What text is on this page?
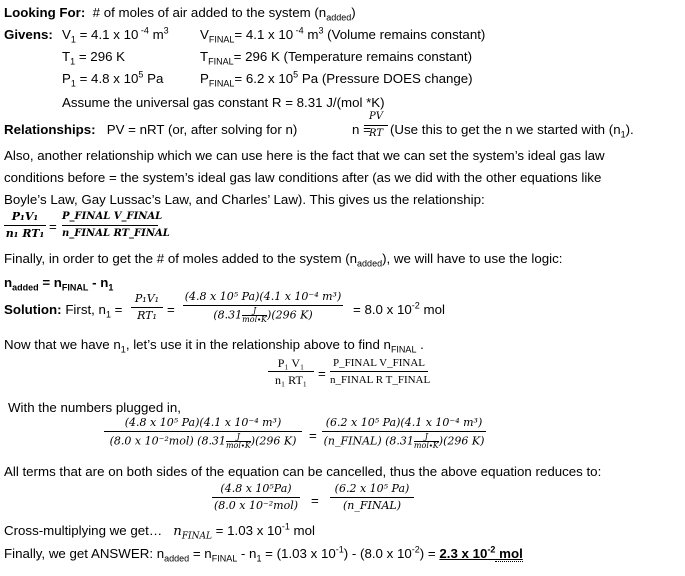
Looking For: # of moles of air added to the system $(n_{added})$
Givens: $V_1 = 4.1$ x 10 $^{-4}$ $m^3$ $V_{FINAL}= 4.1$ x 10 $^{-4}$ $m^3$ (Volume remains constant)
$T_1 = 296$ K	$T_{FINAL}= 296$ K (Temperature remains constant)
$P_1 = 4.8$ x $10^5$ Pa	$P_{FINAL}= 6.2$ x $10^5$ Pa (Pressure DOES change)
Assume the universal gas constant R = 8.31 J/(mol *K)
Relationships: PV = nRT (or, after solving for n)	n =
PV
RT (Use this to get the n we started with $(n_1)$.
Also, another relationship which we can use here is the fact that we can set the system’s ideal gas law
conditions before = the system’s ideal gas law conditions after (as we did with the other equations like
Boyle’s Law, Gay Lussac’s Law, and Charles’ Law). This gives us the relationship:
P₁V₁
n₁ RT₁ =
P_FINAL V_FINAL
n_FINAL RT_FINAL
Finally, in order to get the # of moles added to the system $(n_{added})$, we will have to use the logic:
$n_{added} = n_{FINAL} - n_1$
Solution: First, $n_1$ =
P₁V₁
RT₁ =
(4.8 x 10⁵ Pa)(4.1 x 10⁻⁴ m³)
$(8.31 \frac{J}{\text{mol∙K}} )(296$ K)	= 8.0 x $10^{-2}$ mol
Now that we have $n_1$, let’s use it in the relationship above to find $n_{FINAL}$ .
P₁ V₁
n₁ RT₁ =
P_FINAL V_FINAL
n_FINAL R T_FINAL
With the numbers plugged in,
(4.8 x 10⁵ Pa)(4.1 x 10⁻⁴ m³)
(8.0 x 10⁻²mol) $(8.31 \frac{J}{\text{mol∙K}} )(296$ K) =
(6.2 x 10⁵ Pa)(4.1 x 10⁻⁴ m³)
(n_FINAL) $(8.31 \frac{J}{\text{mol∙K}} )(296$ K)
All terms that are on both sides of the equation can be cancelled, thus the above equation reduces to:
(4.8 x 10⁵Pa)
(8.0 x 10⁻²mol) =
(6.2 x 10⁵ Pa)
(n_FINAL)
Cross-multiplying we get… $n_{FINAL} = 1.03$ x $10^{-1}$ mol
Finally, we get ANSWER: $n_{added} = n_{FINAL} - n_1 = (1.03$ x $10^{-1}) - (8.0$ x $10^{-2}) = 2.3$ x $10^{-2}$ mol
